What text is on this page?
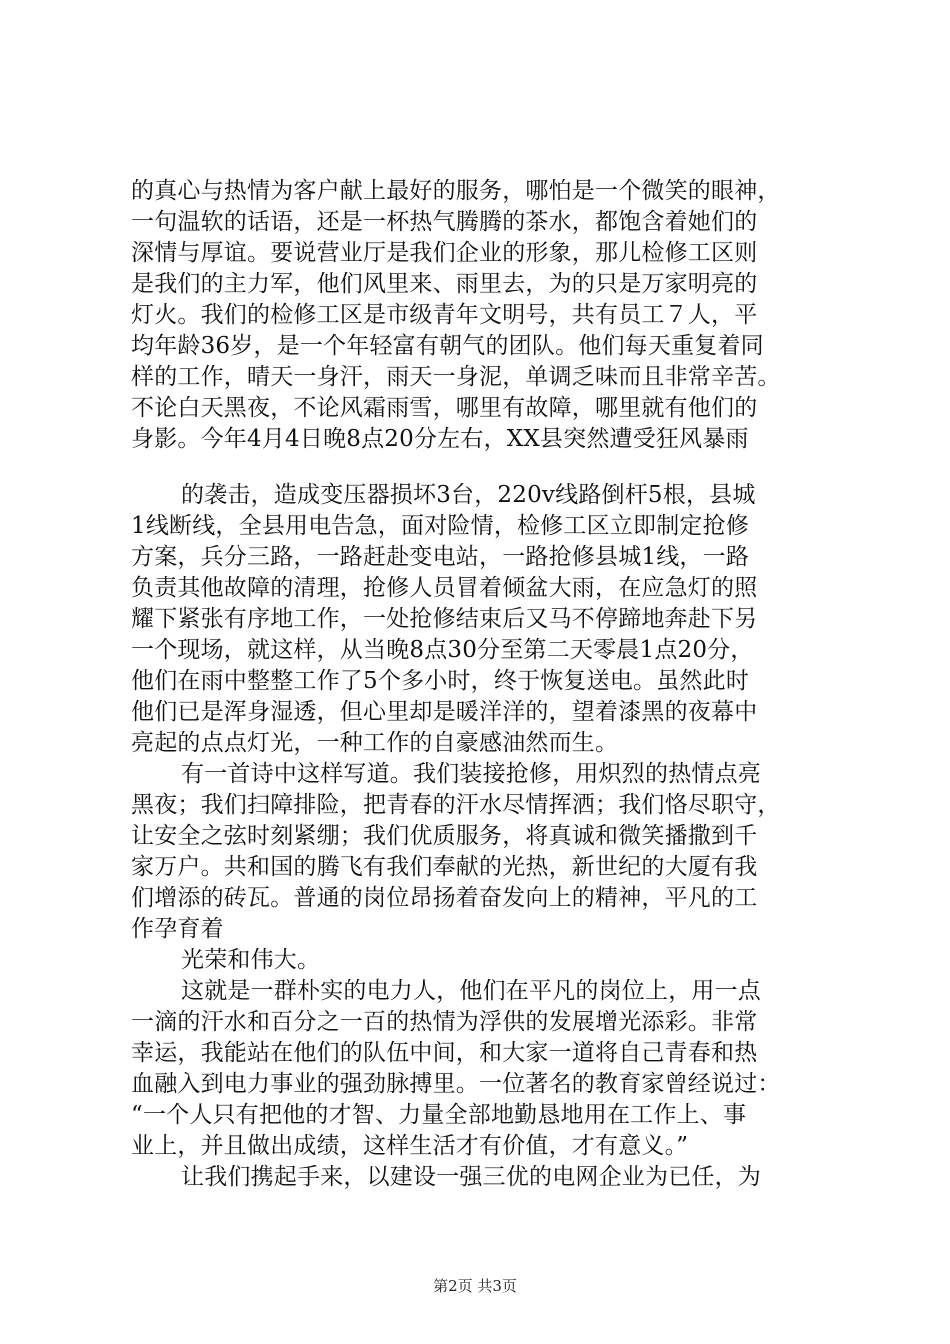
的真心与热情为客户献上最好的服务，哪怕是一个微笑的眼神，
一句温软的话语，还是一杯热气腾腾的茶水，都饱含着她们的
深情与厚谊。要说营业厅是我们企业的形象，那儿检修工区则
是我们的主力军，他们风里来、雨里去，为的只是万家明亮的
灯火。我们的检修工区是市级青年文明号，共有员工７人，平
均年龄36岁，是一个年轻富有朝气的团队。他们每天重复着同
样的工作，晴天一身汗，雨天一身泥，单调乏味而且非常辛苦。
不论白天黑夜，不论风霜雨雪，哪里有故障，哪里就有他们的
身影。今年4月4日晚8点20分左右，XX县突然遭受狂风暴雨
的袭击，造成变压器损坏3台，220v线路倒杆5根，县城
1线断线，全县用电告急，面对险情，检修工区立即制定抢修
方案，兵分三路，一路赶赴变电站，一路抢修县城1线，一路
负责其他故障的清理，抢修人员冒着倾盆大雨，在应急灯的照
耀下紧张有序地工作，一处抢修结束后又马不停蹄地奔赴下另
一个现场，就这样，从当晚8点30分至第二天零晨1点20分，
他们在雨中整整工作了5个多小时，终于恢复送电。虽然此时
他们已是浑身湿透，但心里却是暖洋洋的，望着漆黑的夜幕中
亮起的点点灯光，一种工作的自豪感油然而生。
有一首诗中这样写道。我们装接抢修，用炽烈的热情点亮
黑夜；我们扫障排险，把青春的汗水尽情挥洒；我们恪尽职守，
让安全之弦时刻紧绷；我们优质服务，将真诚和微笑播撒到千
家万户。共和国的腾飞有我们奉献的光热，新世纪的大厦有我
们增添的砖瓦。普通的岗位昂扬着奋发向上的精神，平凡的工
作孕育着
光荣和伟大。
这就是一群朴实的电力人，他们在平凡的岗位上，用一点
一滴的汗水和百分之一百的热情为浮供的发展增光添彩。非常
幸运，我能站在他们的队伍中间，和大家一道将自己青春和热
血融入到电力事业的强劲脉搏里。一位著名的教育家曾经说过：
“一个人只有把他的才智、力量全部地勤恳地用在工作上、事
业上，并且做出成绩，这样生活才有价值，才有意义。”
让我们携起手来，以建设一强三优的电网企业为已任，为
第2页 共3页
